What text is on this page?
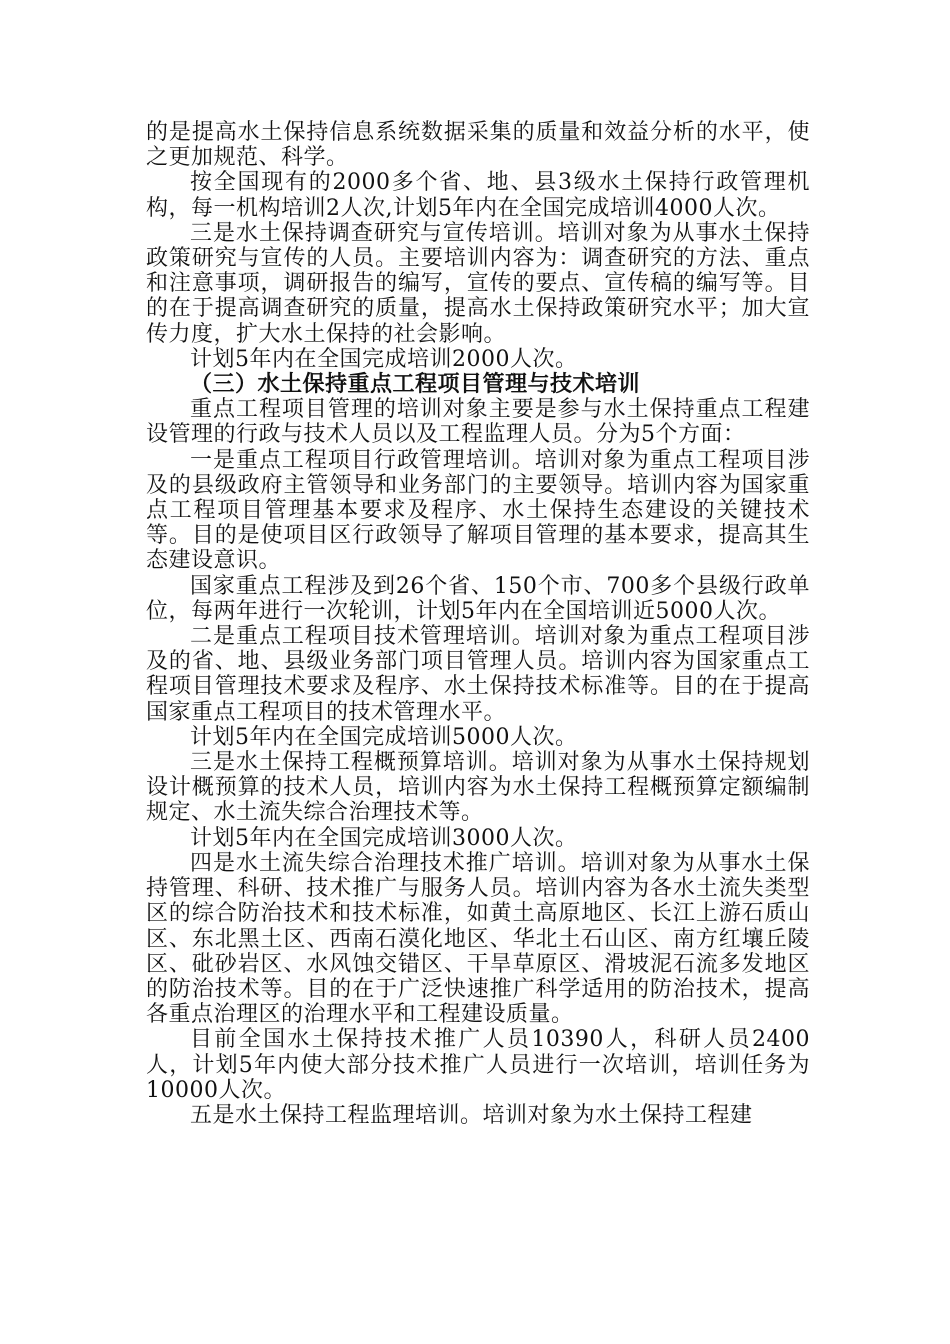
的是提高水土保持信息系统数据采集的质量和效益分析的水平，使之更加规范、科学。

按全国现有的2000多个省、地、县3级水土保持行政管理机构，每一机构培训2人次,计划5年内在全国完成培训4000人次。

三是水土保持调查研究与宣传培训。培训对象为从事水土保持政策研究与宣传的人员。主要培训内容为：调查研究的方法、重点和注意事项，调研报告的编写，宣传的要点、宣传稿的编写等。目的在于提高调查研究的质量，提高水土保持政策研究水平；加大宣传力度，扩大水土保持的社会影响。

计划5年内在全国完成培训2000人次。

（三）水土保持重点工程项目管理与技术培训

重点工程项目管理的培训对象主要是参与水土保持重点工程建设管理的行政与技术人员以及工程监理人员。分为5个方面：

一是重点工程项目行政管理培训。培训对象为重点工程项目涉及的县级政府主管领导和业务部门的主要领导。培训内容为国家重点工程项目管理基本要求及程序、水土保持生态建设的关键技术等。目的是使项目区行政领导了解项目管理的基本要求，提高其生态建设意识。

国家重点工程涉及到26个省、150个市、700多个县级行政单位，每两年进行一次轮训，计划5年内在全国培训近5000人次。

二是重点工程项目技术管理培训。培训对象为重点工程项目涉及的省、地、县级业务部门项目管理人员。培训内容为国家重点工程项目管理技术要求及程序、水土保持技术标准等。目的在于提高国家重点工程项目的技术管理水平。

计划5年内在全国完成培训5000人次。

三是水土保持工程概预算培训。培训对象为从事水土保持规划设计概预算的技术人员，培训内容为水土保持工程概预算定额编制规定、水土流失综合治理技术等。

计划5年内在全国完成培训3000人次。

四是水土流失综合治理技术推广培训。培训对象为从事水土保持管理、科研、技术推广与服务人员。培训内容为各水土流失类型区的综合防治技术和技术标准，如黄土高原地区、长江上游石质山区、东北黑土区、西南石漠化地区、华北土石山区、南方红壤丘陵区、砒砂岩区、水风蚀交错区、干旱草原区、滑坡泥石流多发地区的防治技术等。目的在于广泛快速推广科学适用的防治技术，提高各重点治理区的治理水平和工程建设质量。

目前全国水土保持技术推广人员10390人，科研人员2400人，计划5年内使大部分技术推广人员进行一次培训，培训任务为10000人次。

五是水土保持工程监理培训。培训对象为水土保持工程建
